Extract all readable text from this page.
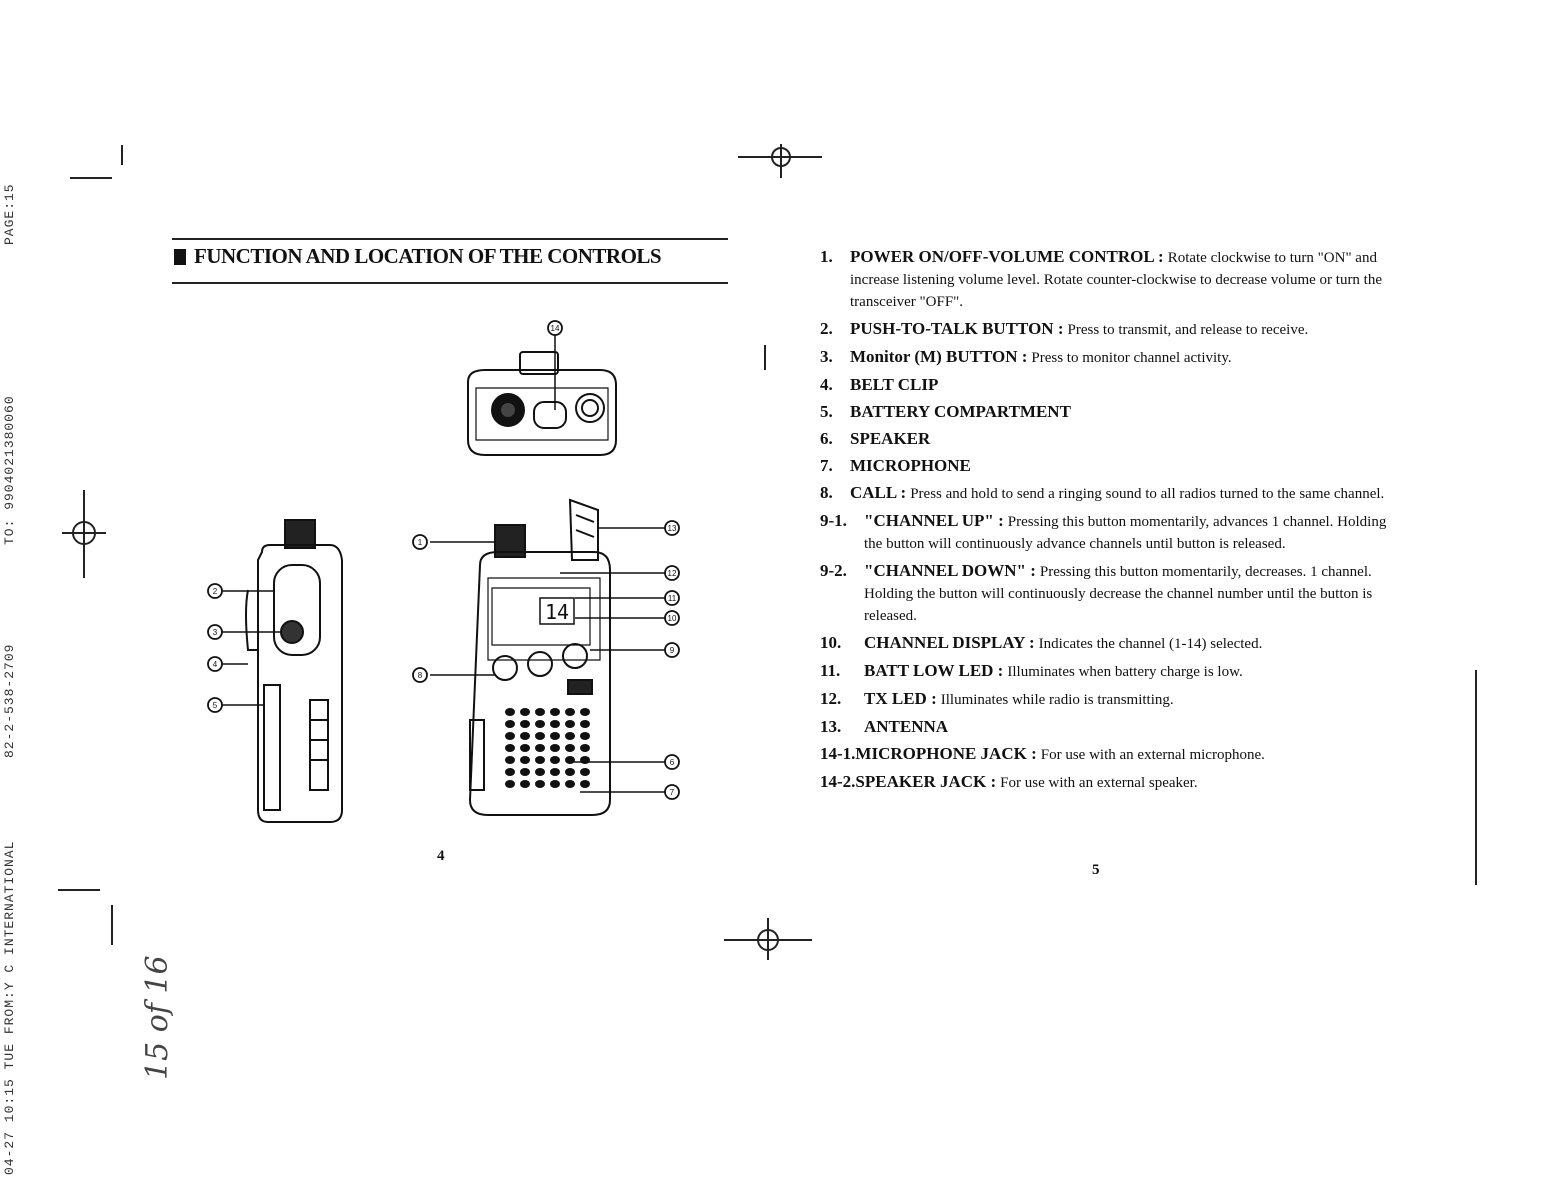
PAGE:15
TO: 9904021380060
82-2-538-2709
04-27 10:15 TUE FROM:Y C INTERNATIONAL	15 of 16
FUNCTION AND LOCATION OF THE CONTROLS
14
1
2
3
4
5
6
7
8
9
10
11
12
13
14
4
5
1.	POWER ON/OFF-VOLUME CONTROL : Rotate clockwise to turn "ON" and increase listening volume level. Rotate counter-clockwise to decrease volume or turn the transceiver "OFF".
2.	PUSH-TO-TALK BUTTON : Press to transmit, and release to receive.
3.	Monitor (M) BUTTON : Press to monitor channel activity.
4.	BELT CLIP
5.	BATTERY COMPARTMENT
6.	SPEAKER
7.	MICROPHONE
8.	CALL : Press and hold to send a ringing sound to all radios turned to the same channel.
9-1.	"CHANNEL UP" : Pressing this button momentarily, advances 1 channel. Holding the button will continuously advance channels until button is released.
9-2.	"CHANNEL DOWN" : Pressing this button momentarily, decreases. 1 channel. Holding the button will continuously decrease the channel number until the button is released.
10.	CHANNEL DISPLAY : Indicates the channel (1-14) selected.
11.	BATT LOW LED : Illuminates when battery charge is low.
12.	TX LED : Illuminates while radio is transmitting.
13.	ANTENNA
14-1. MICROPHONE JACK : For use with an external microphone.
14-2. SPEAKER JACK : For use with an external speaker.
